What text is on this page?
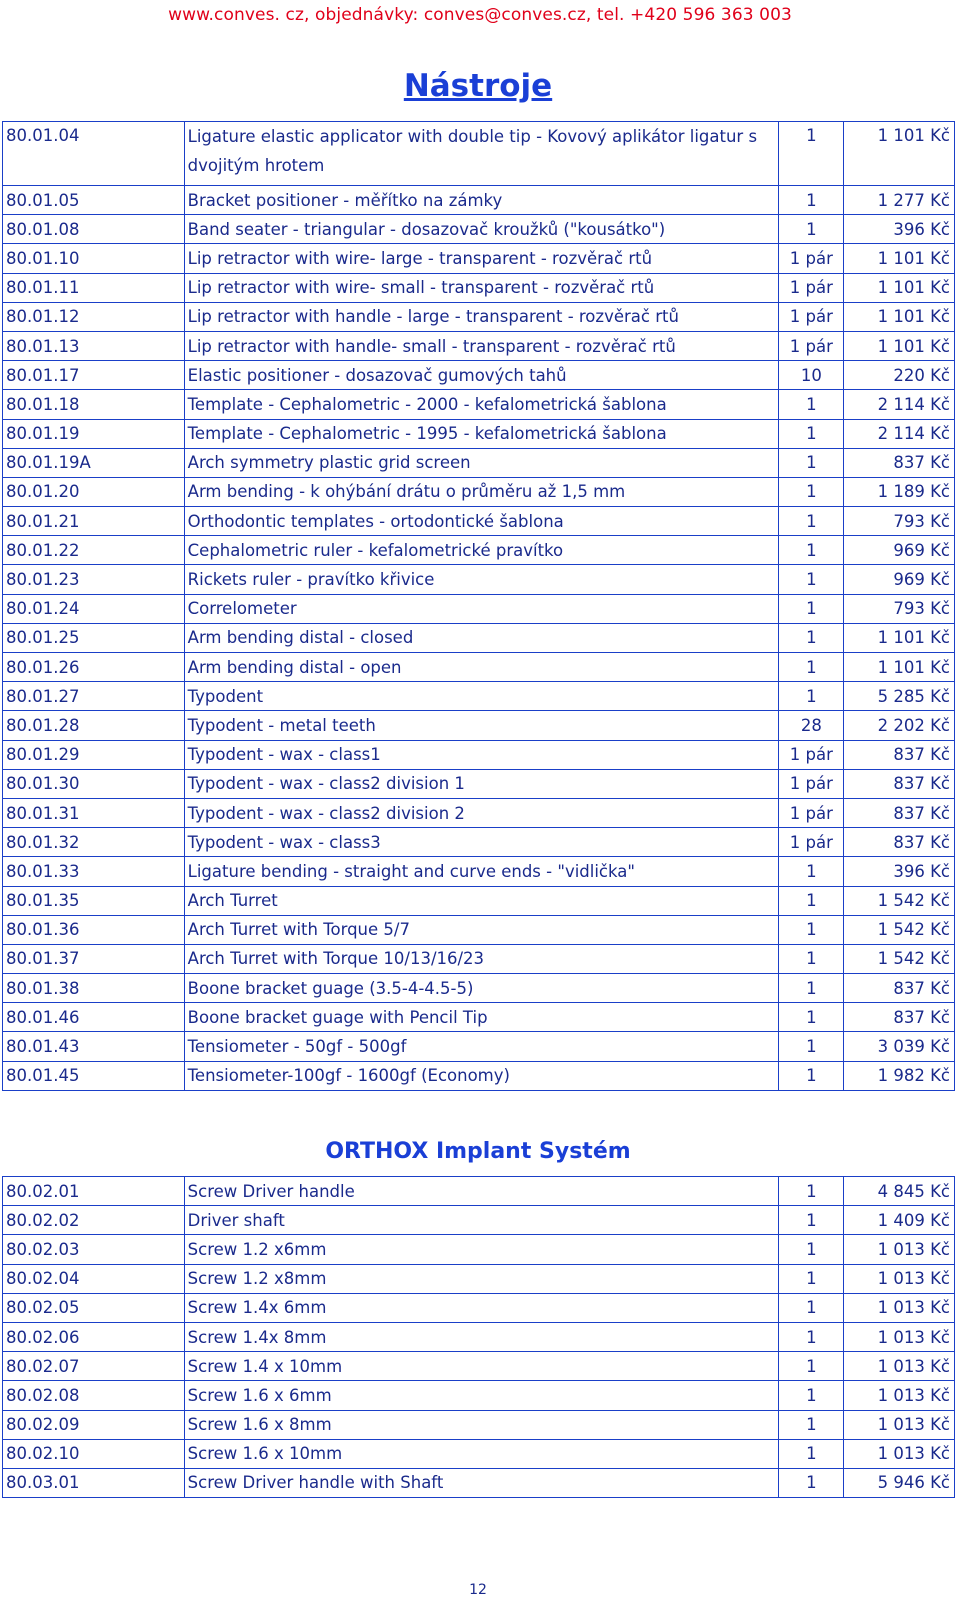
www.conves. cz, objednávky: conves@conves.cz, tel. +420 596 363 003
Nástroje
80.01.04	Ligature elastic applicator with double tip - Kovový aplikátor ligatur s dvojitým hrotem	1	1 101 Kč
80.01.05	Bracket positioner - měřítko na zámky	1	1 277 Kč
80.01.08	Band seater - triangular - dosazovač kroužků ("kousátko")	1	396 Kč
80.01.10	Lip retractor with wire- large - transparent - rozvěrač rtů	1 pár	1 101 Kč
80.01.11	Lip retractor with wire- small - transparent - rozvěrač rtů	1 pár	1 101 Kč
80.01.12	Lip retractor with handle - large - transparent - rozvěrač rtů	1 pár	1 101 Kč
80.01.13	Lip retractor with handle- small - transparent - rozvěrač rtů	1 pár	1 101 Kč
80.01.17	Elastic positioner - dosazovač gumových tahů	10	220 Kč
80.01.18	Template - Cephalometric - 2000 - kefalometrická šablona	1	2 114 Kč
80.01.19	Template - Cephalometric - 1995 - kefalometrická šablona	1	2 114 Kč
80.01.19A	Arch symmetry plastic grid screen	1	837 Kč
80.01.20	Arm bending - k ohýbání drátu o průměru až 1,5 mm	1	1 189 Kč
80.01.21	Orthodontic templates - ortodontické šablona	1	793 Kč
80.01.22	Cephalometric ruler - kefalometrické pravítko	1	969 Kč
80.01.23	Rickets ruler - pravítko křivice	1	969 Kč
80.01.24	Correlometer	1	793 Kč
80.01.25	Arm bending distal - closed	1	1 101 Kč
80.01.26	Arm bending distal - open	1	1 101 Kč
80.01.27	Typodent	1	5 285 Kč
80.01.28	Typodent - metal teeth	28	2 202 Kč
80.01.29	Typodent - wax - class1	1 pár	837 Kč
80.01.30	Typodent - wax - class2 division 1	1 pár	837 Kč
80.01.31	Typodent - wax - class2 division 2	1 pár	837 Kč
80.01.32	Typodent - wax - class3	1 pár	837 Kč
80.01.33	Ligature bending - straight and curve ends - "vidlička"	1	396 Kč
80.01.35	Arch Turret	1	1 542 Kč
80.01.36	Arch Turret with Torque 5/7	1	1 542 Kč
80.01.37	Arch Turret with Torque 10/13/16/23	1	1 542 Kč
80.01.38	Boone bracket guage (3.5-4-4.5-5)	1	837 Kč
80.01.46	Boone bracket guage with Pencil Tip	1	837 Kč
80.01.43	Tensiometer - 50gf - 500gf	1	3 039 Kč
80.01.45	Tensiometer-100gf - 1600gf (Economy)	1	1 982 Kč
ORTHOX Implant Systém
80.02.01	Screw Driver handle	1	4 845 Kč
80.02.02	Driver shaft	1	1 409 Kč
80.02.03	Screw 1.2 x6mm	1	1 013 Kč
80.02.04	Screw 1.2 x8mm	1	1 013 Kč
80.02.05	Screw 1.4x 6mm	1	1 013 Kč
80.02.06	Screw 1.4x 8mm	1	1 013 Kč
80.02.07	Screw 1.4 x 10mm	1	1 013 Kč
80.02.08	Screw 1.6 x 6mm	1	1 013 Kč
80.02.09	Screw 1.6 x 8mm	1	1 013 Kč
80.02.10	Screw 1.6 x 10mm	1	1 013 Kč
80.03.01	Screw Driver handle with Shaft	1	5 946 Kč
12
